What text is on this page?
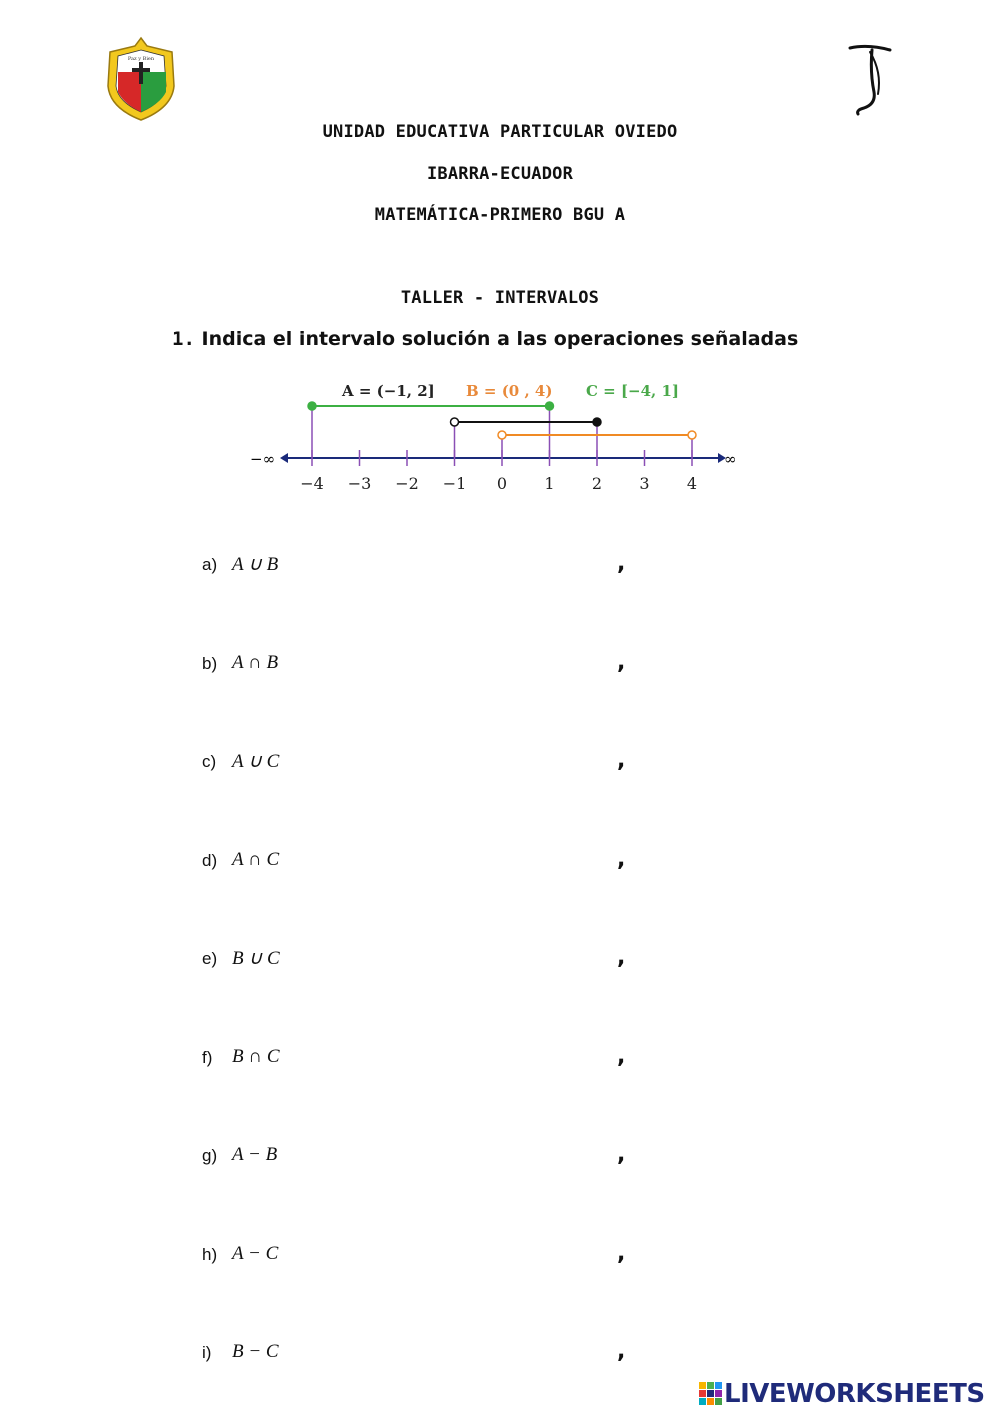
Paz y Bien
UNIDAD EDUCATIVA PARTICULAR OVIEDO
IBARRA-ECUADOR
MATEMÁTICA-PRIMERO BGU A
TALLER - INTERVALOS
1. Indica el intervalo solución a las operaciones señaladas
A = (−1, 2] B = (0 , 4) C = [−4, 1]
−∞	∞
−4 −3 −2 −1 0 1 2 3 4
a) A ∪ B	,
b) A ∩ B	,
c) A ∪ C	,
d) A ∩ C	,
e) B ∪ C	,
f) B ∩ C	,
g) A − B	,
h) A − C	,
i) B − C	,
LIVEWORKSHEETS
